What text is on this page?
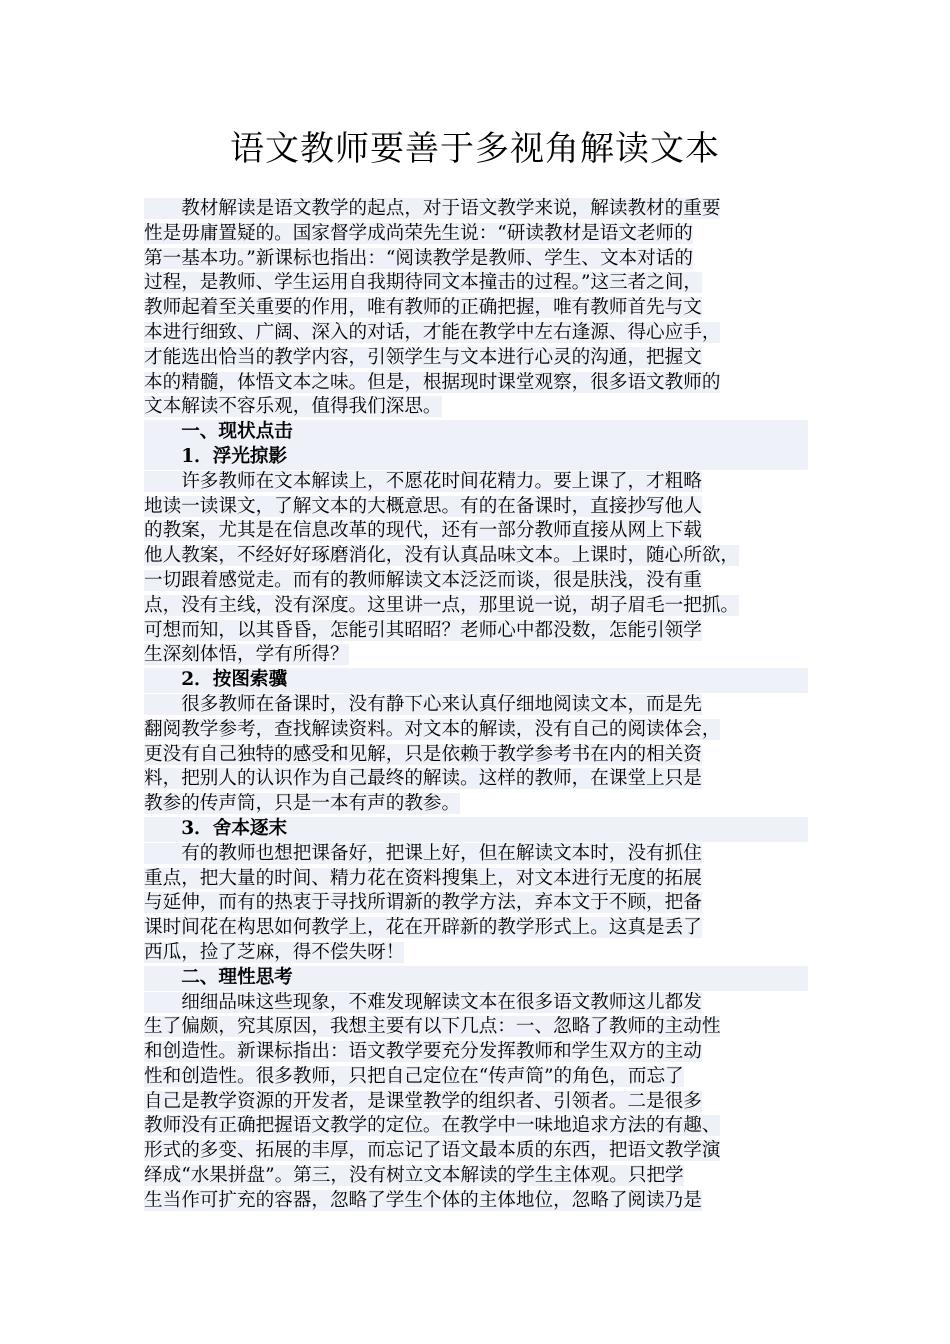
语文教师要善于多视角解读文本
　　教材解读是语文教学的起点，对于语文教学来说，解读教材的重要
性是毋庸置疑的。国家督学成尚荣先生说：“研读教材是语文老师的
第一基本功。”新课标也指出：“阅读教学是教师、学生、文本对话的
过程，是教师、学生运用自我期待同文本撞击的过程。”这三者之间，
教师起着至关重要的作用，唯有教师的正确把握，唯有教师首先与文
本进行细致、广阔、深入的对话，才能在教学中左右逢源、得心应手，
才能选出恰当的教学内容，引领学生与文本进行心灵的沟通，把握文
本的精髓，体悟文本之味。但是，根据现时课堂观察，很多语文教师的
文本解读不容乐观，值得我们深思。
　　一、现状点击
　　1．浮光掠影
　　许多教师在文本解读上，不愿花时间花精力。要上课了，才粗略
地读一读课文，了解文本的大概意思。有的在备课时，直接抄写他人
的教案，尤其是在信息改革的现代，还有一部分教师直接从网上下载
他人教案，不经好好琢磨消化，没有认真品味文本。上课时，随心所欲，
一切跟着感觉走。而有的教师解读文本泛泛而谈，很是肤浅，没有重
点，没有主线，没有深度。这里讲一点，那里说一说，胡子眉毛一把抓。
可想而知，以其昏昏，怎能引其昭昭？老师心中都没数，怎能引领学
生深刻体悟，学有所得？
　　2．按图索骥
　　很多教师在备课时，没有静下心来认真仔细地阅读文本，而是先
翻阅教学参考，查找解读资料。对文本的解读，没有自己的阅读体会，
更没有自己独特的感受和见解，只是依赖于教学参考书在内的相关资
料，把别人的认识作为自己最终的解读。这样的教师，在课堂上只是
教参的传声筒，只是一本有声的教参。
　　3．舍本逐末
　　有的教师也想把课备好，把课上好，但在解读文本时，没有抓住
重点，把大量的时间、精力花在资料搜集上，对文本进行无度的拓展
与延伸，而有的热衷于寻找所谓新的教学方法，弃本文于不顾，把备
课时间花在构思如何教学上，花在开辟新的教学形式上。这真是丢了
西瓜，捡了芝麻，得不偿失呀！
　　二、理性思考
　　细细品味这些现象，不难发现解读文本在很多语文教师这儿都发
生了偏颇，究其原因，我想主要有以下几点：一、忽略了教师的主动性
和创造性。新课标指出：语文教学要充分发挥教师和学生双方的主动
性和创造性。很多教师，只把自己定位在“传声筒”的角色，而忘了
自己是教学资源的开发者，是课堂教学的组织者、引领者。二是很多
教师没有正确把握语文教学的定位。在教学中一味地追求方法的有趣、
形式的多变、拓展的丰厚，而忘记了语文最本质的东西，把语文教学演
绎成“水果拼盘”。第三，没有树立文本解读的学生主体观。只把学
生当作可扩充的容器，忽略了学生个体的主体地位，忽略了阅读乃是
